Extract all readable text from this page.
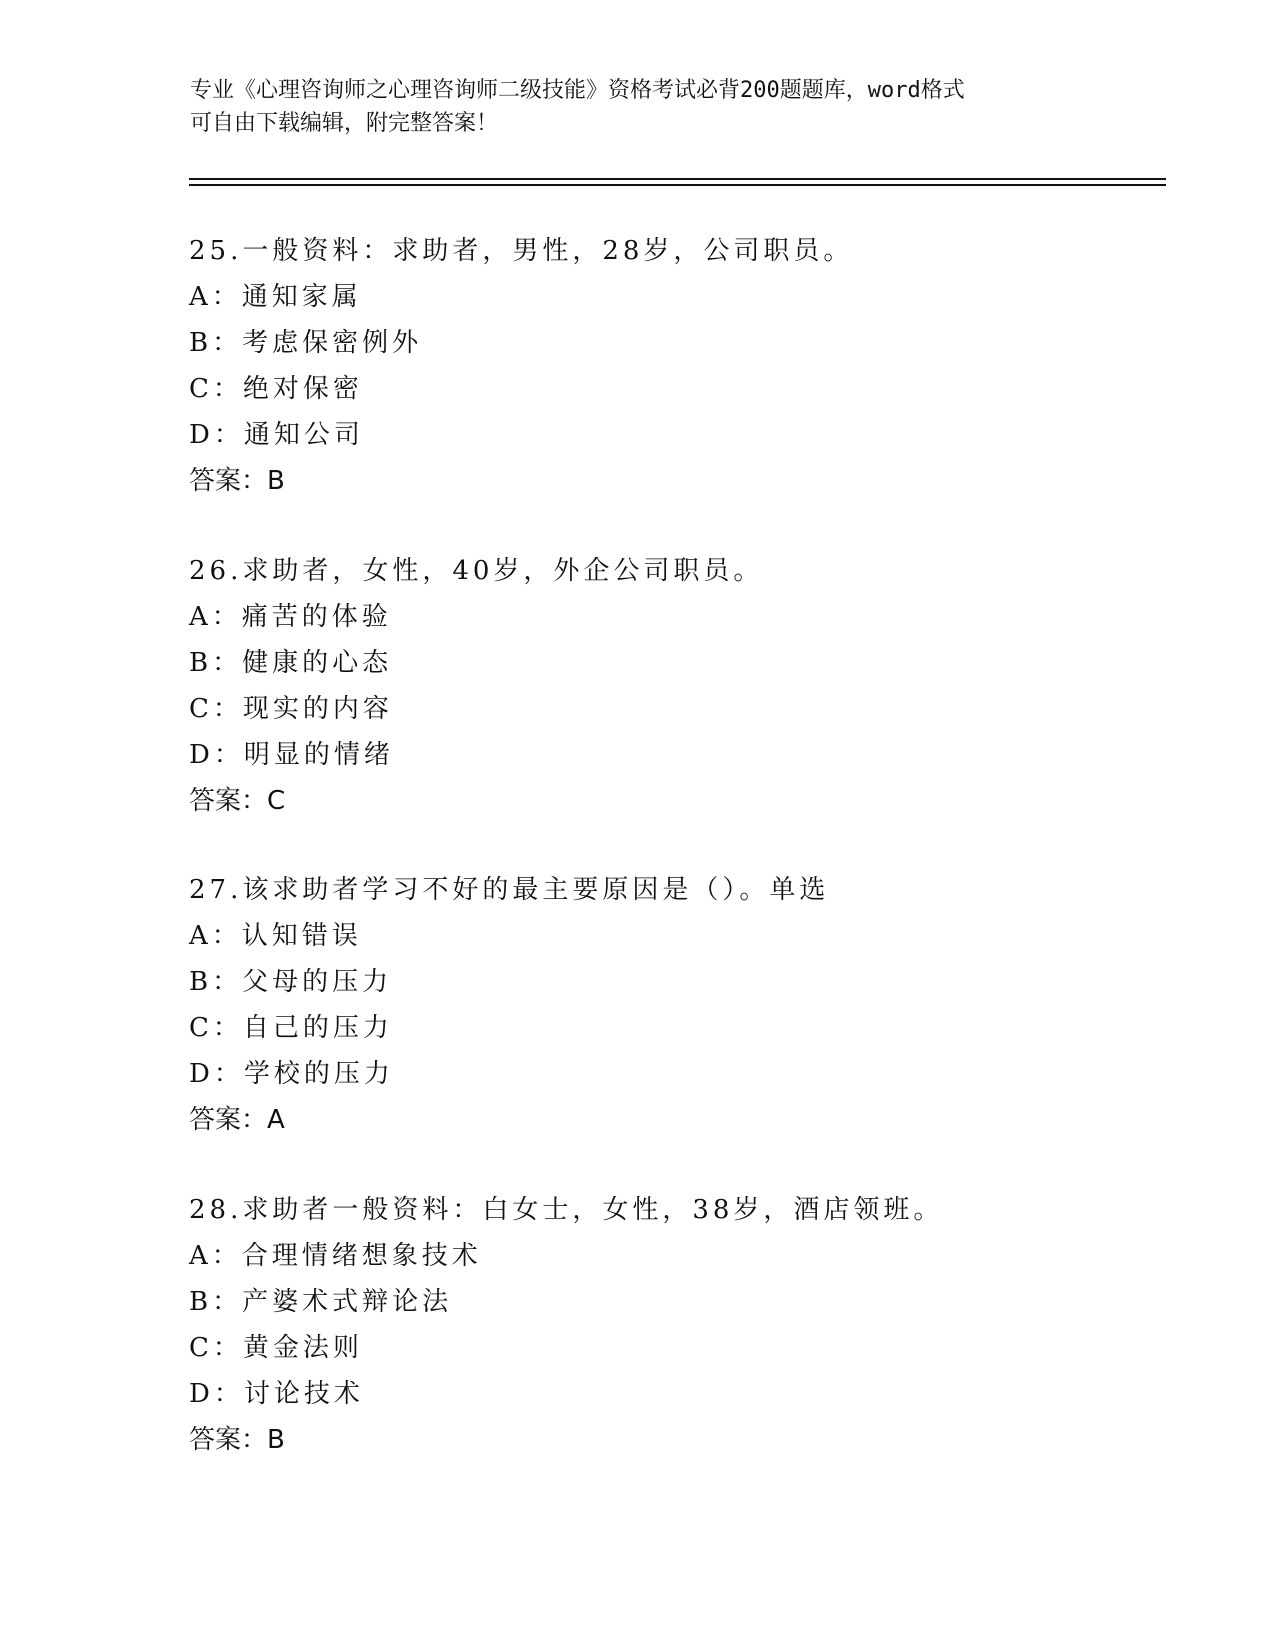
专业《心理咨询师之心理咨询师二级技能》资格考试必背200题题库，word格式
可自由下载编辑，附完整答案！
25.一般资料：求助者，男性，28岁，公司职员。
A：通知家属
B：考虑保密例外
C：绝对保密
D：通知公司
答案：B
26.求助者，女性，40岁，外企公司职员。
A：痛苦的体验
B：健康的心态
C：现实的内容
D：明显的情绪
答案：C
27.该求助者学习不好的最主要原因是（）。单选
A：认知错误
B：父母的压力
C：自己的压力
D：学校的压力
答案：A
28.求助者一般资料：白女士，女性，38岁，酒店领班。
A：合理情绪想象技术
B：产婆术式辩论法
C：黄金法则
D：讨论技术
答案：B
